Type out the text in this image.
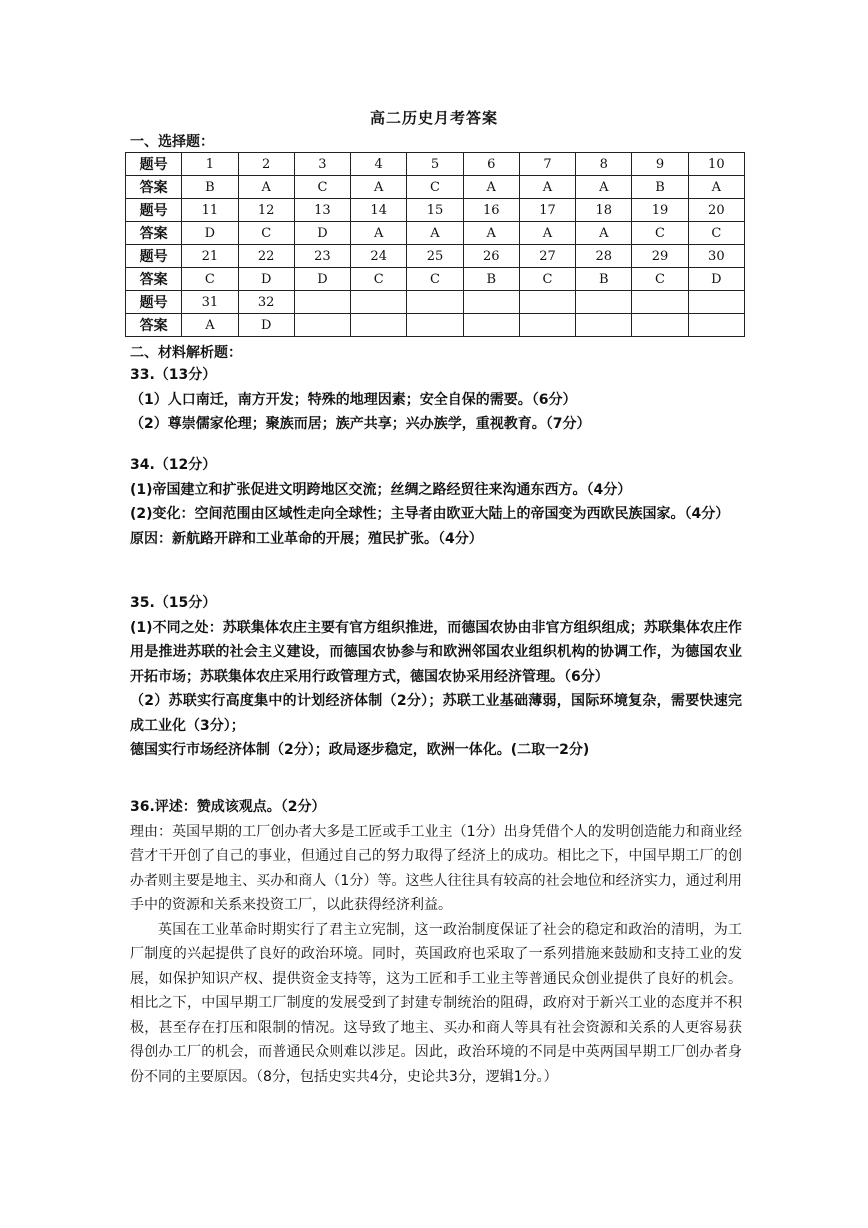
高二历史月考答案
一、选择题：
题号	1	2	3	4	5	6	7	8	9	10
答案	B	A	C	A	C	A	A	A	B	A
题号	11	12	13	14	15	16	17	18	19	20
答案	D	C	D	A	A	A	A	A	C	C
题号	21	22	23	24	25	26	27	28	29	30
答案	C	D	D	C	C	B	C	B	C	D
题号	31	32								
答案	A	D								
二、材料解析题：

33.（13分）

（1）人口南迁，南方开发；特殊的地理因素；安全自保的需要。（6分）

（2）尊崇儒家伦理；聚族而居；族产共享；兴办族学，重视教育。（7分）

34.（12分）

(1)帝国建立和扩张促进文明跨地区交流；丝绸之路经贸往来沟通东西方。（4分）

(2)变化：空间范围由区域性走向全球性；主导者由欧亚大陆上的帝国变为西欧民族国家。（4分）

原因：新航路开辟和工业革命的开展；殖民扩张。（4分）

35.（15分）

(1)不同之处：苏联集体农庄主要有官方组织推进，而德国农协由非官方组织组成；苏联集体农庄作用是推进苏联的社会主义建设，而德国农协参与和欧洲邻国农业组织机构的协调工作，为德国农业开拓市场；苏联集体农庄采用行政管理方式，德国农协采用经济管理。（6分）

（2）苏联实行高度集中的计划经济体制（2分）；苏联工业基础薄弱，国际环境复杂，需要快速完成工业化（3分）；

德国实行市场经济体制（2分）；政局逐步稳定，欧洲一体化。(二取一2分)

36.评述：赞成该观点。（2分）

理由：英国早期的工厂创办者大多是工匠或手工业主（1分）出身凭借个人的发明创造能力和商业经营才干开创了自己的事业，但通过自己的努力取得了经济上的成功。相比之下，中国早期工厂的创办者则主要是地主、买办和商人（1分）等。这些人往往具有较高的社会地位和经济实力，通过利用手中的资源和关系来投资工厂，以此获得经济利益。

英国在工业革命时期实行了君主立宪制，这一政治制度保证了社会的稳定和政治的清明，为工厂制度的兴起提供了良好的政治环境。同时，英国政府也采取了一系列措施来鼓励和支持工业的发展，如保护知识产权、提供资金支持等，这为工匠和手工业主等普通民众创业提供了良好的机会。相比之下，中国早期工厂制度的发展受到了封建专制统治的阻碍，政府对于新兴工业的态度并不积极，甚至存在打压和限制的情况。这导致了地主、买办和商人等具有社会资源和关系的人更容易获得创办工厂的机会，而普通民众则难以涉足。因此，政治环境的不同是中英两国早期工厂创办者身份不同的主要原因。（8分，包括史实共4分，史论共3分，逻辑1分。）
